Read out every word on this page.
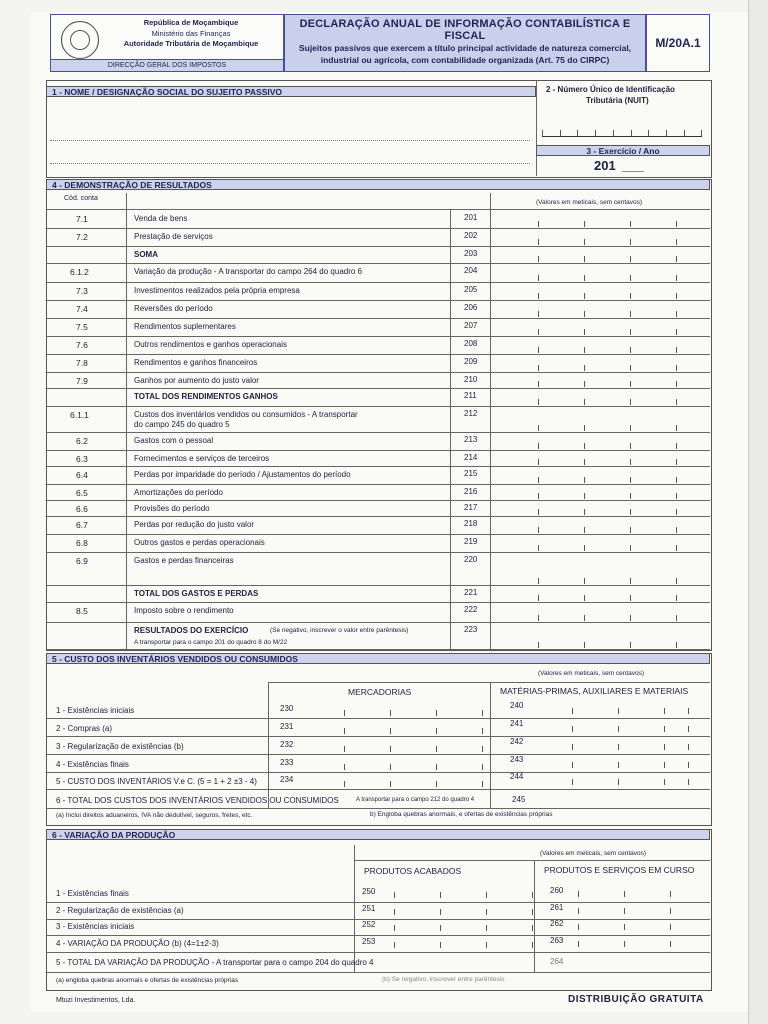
República de Moçambique
Ministério das Finanças
Autoridade Tributária de Moçambique
DIRECÇÃO GERAL DOS IMPOSTOS
DECLARAÇÃO ANUAL DE INFORMAÇÃO CONTABILÍSTICA E FISCAL
Sujeitos passivos que exercem a título principal actividade de natureza comercial,
industrial ou agrícola, com contabilidade organizada (Art. 75 do CIRPC)
M/20A.1
1 - NOME / DESIGNAÇÃO SOCIAL DO SUJEITO PASSIVO	2 - Número Único de Identificação
Tributária (NUIT)
3 - Exercício / Ano
201 ___
4 - DEMONSTRAÇÃO DE RESULTADOS
Cód. conta
(Valores em meticais, sem centavos)
7.1	Venda de bens	201
7.2	Prestação de serviços	202
SOMA	203
6.1.2	Variação da produção - A transportar do campo 264 do quadro 6	204
7.3	Investimentos realizados pela própria empresa	205
7.4	Reversões do período	206
7.5	Rendimentos suplementares	207
7.6	Outros rendimentos e ganhos operacionais	208
7.8	Rendimentos e ganhos financeiros	209
7.9	Ganhos por aumento do justo valor	210
TOTAL DOS RENDIMENTOS GANHOS	211
6.1.1	Custos dos inventários vendidos ou consumidos - A transportar
do campo 245 do quadro 5
212
6.2	Gastos com o pessoal	213
6.3	Fornecimentos e serviços de terceiros	214
6.4	Perdas por imparidade do período / Ajustamentos do período	215
6.5	Amortizações do período	216
6.6	Provisões do período	217
6.7	Perdas por redução do justo valor	218
6.8	Outros gastos e perdas operacionais	219
6.9	Gastos e perdas financeiras	220
TOTAL DOS GASTOS E PERDAS	221
8.5	Imposto sobre o rendimento	222
RESULTADOS DO EXERCÍCIO	(Se negativo, inscrever o valor entre parêntesis)
A transportar para o campo 201 do quadro 8 do M/22
223
5 - CUSTO DOS INVENTÁRIOS VENDIDOS OU CONSUMIDOS
(Valores em meticais, sem centavos)
MERCADORIAS	MATÉRIAS-PRIMAS, AUXILIARES E MATERIAIS
1 - Existências iniciais	230	240
2 - Compras (a)	231	241
3 - Regularização de existências (b)	232	242
4 - Existências finais	233	243
5 - CUSTO DOS INVENTÁRIOS V.e C. (5 = 1 + 2 ±3 - 4)	234	244
6 - TOTAL DOS CUSTOS DOS INVENTÁRIOS VENDIDOS OU CONSUMIDOS	A transportar para o campo 212 do quadro 4	245
(a) Inclui direitos aduaneiros, IVA não dedutível, seguros, fretes, etc.	b) Engloba quebras anormais, e ofertas de existências próprias
6 - VARIAÇÃO DA PRODUÇÃO
(Valores em meticais, sem centavos)
PRODUTOS ACABADOS	PRODUTOS E SERVIÇOS EM CURSO
1 - Existências finais	250	260
2 - Regularização de existências (a)	251	261
3 - Existências iniciais	252	262
4 - VARIAÇÃO DA PRODUÇÃO (b) (4=1±2-3)	253	263
5 - TOTAL DA VARIAÇÃO DA PRODUÇÃO - A transportar para o campo 204 do quadro 4	264
(a) engloba quebras anormais e ofertas de existências próprias	(b) Se negativo, inscrever entre parêntesis
Mtuzi Investimentos, Lda.	DISTRIBUIÇÃO GRATUITA
